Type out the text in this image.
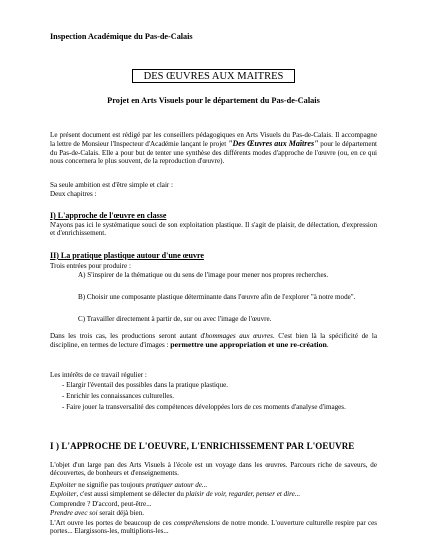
Inspection Académique du Pas-de-Calais
DES ŒUVRES AUX MAITRES
Projet en Arts Visuels pour le département du Pas-de-Calais

Le présent document est rédigé par les conseillers pédagogiques en Arts Visuels du Pas-de-Calais. Il accompagne la lettre de Monsieur l'Inspecteur d'Académie lançant le projet "Des Œuvres aux Maîtres" pour le département du Pas-de-Calais. Elle a pour but de tenter une synthèse des différents modes d'approche de l'œuvre (ou, en ce qui nous concernera le plus souvent, de la reproduction d'œuvre).

Sa seule ambition est d'être simple et clair :
Deux chapitres :
I) L'approche de l'œuvre en classe

N'ayons pas ici le systématique souci de son exploitation plastique. Il s'agit de plaisir, de délectation, d'expression et d'enrichissement.

II) La pratique plastique autour d'une œuvre
Trois entrées pour produire :

A) S'inspirer de la thématique ou du sens de l'image pour mener nos propres recherches.

B) Choisir une composante plastique déterminante dans l'œuvre afin de l'explorer "à notre mode".

C) Travailler directement à partir de, sur ou avec l'image de l'œuvre.

Dans les trois cas, les productions seront autant d'hommages aux œuvres. C'est bien là la spécificité de la discipline, en termes de lecture d'images : permettre une appropriation et une re-création.

Les intérêts de ce travail régulier :

- Elargir l'éventail des possibles dans la pratique plastique.

- Enrichir les connaissances culturelles.

- Faire jouer la transversalité des compétences développées lors de ces moments d'analyse d'images.

I ) L'APPROCHE DE L'OEUVRE, L'ENRICHISSEMENT PAR L'OEUVRE

L'objet d'un large pan des Arts Visuels à l'école est un voyage dans les œuvres. Parcours riche de saveurs, de découvertes, de bonheurs et d'enseignements.

Exploiter ne signifie pas toujours pratiquer autour de...

Exploiter, c'est aussi simplement se délecter du plaisir de voir, regarder, penser et dire...

Comprendre ? D'accord, peut-être...

Prendre avec soi serait déjà bien.

L'Art ouvre les portes de beaucoup de ces compréhensions de notre monde. L'ouverture culturelle respire par ces portes... Elargissons-les, multiplions-les...
